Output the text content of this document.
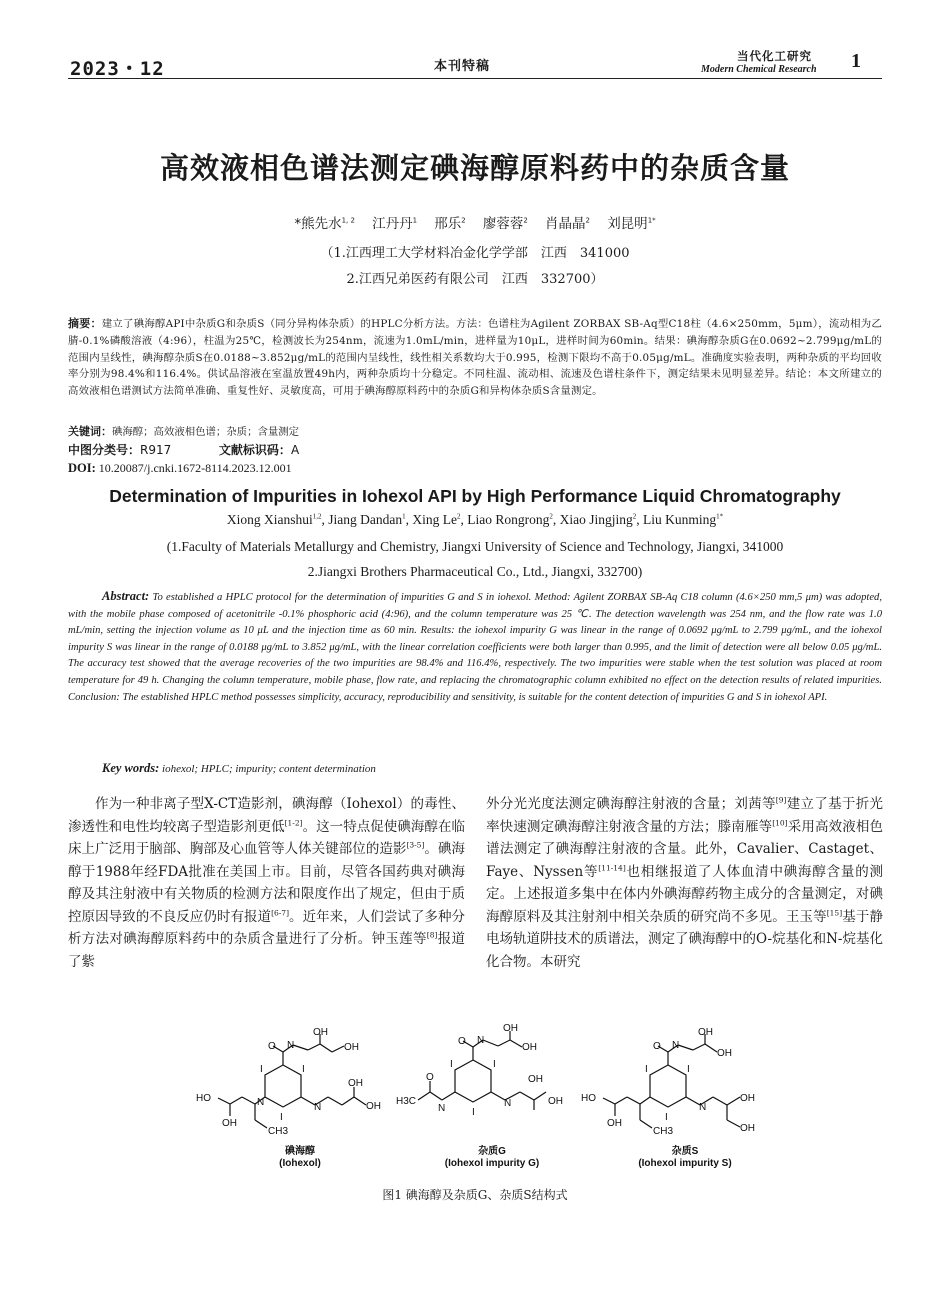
2023・12	本刊特稿
当代化工研究
Modern Chemical Research 1
高效液相色谱法测定碘海醇原料药中的杂质含量
*熊先水$^{1, 2}$ 江丹丹$^1$ 邢乐$^2$ 廖蓉蓉$^2$ 肖晶晶$^2$ 刘昆明$^{1*}$
（1.江西理工大学材料冶金化学学部　江西　341000
2.江西兄弟医药有限公司　江西　332700）
摘要：建立了碘海醇API中杂质G和杂质S（同分异构体杂质）的HPLC分析方法。方法：色谱柱为Agilent ZORBAX SB-Aq型C18柱（4.6×250mm，5μm），流动相为乙腈-0.1%磷酸溶液（4:96），柱温为25℃，检测波长为254nm，流速为1.0mL/min，进样量为10μL，进样时间为60min。结果：碘海醇杂质G在0.0692~2.799μg/mL的范围内呈线性，碘海醇杂质S在0.0188~3.852μg/mL的范围内呈线性，线性相关系数均大于0.995，检测下限均不高于0.05μg/mL。准确度实验表明，两种杂质的平均回收率分别为98.4%和116.4%。供试品溶液在室温放置49h内，两种杂质均十分稳定。不同柱温、流动相、流速及色谱柱条件下，测定结果未见明显差异。结论：本文所建立的高效液相色谱测试方法简单准确、重复性好、灵敏度高，可用于碘海醇原料药中的杂质G和异构体杂质S含量测定。
关键词：碘海醇；高效液相色谱；杂质；含量测定
中图分类号：R917	文献标识码：A
DOI: 10.20087/j.cnki.1672-8114.2023.12.001
Determination of Impurities in Iohexol API by High Performance Liquid Chromatography
Xiong Xianshui$^{1,2}$, Jiang Dandan$^1$, Xing Le$^2$, Liao Rongrong$^2$, Xiao Jingjing$^2$, Liu Kunming$^{1*}$
(1.Faculty of Materials Metallurgy and Chemistry, Jiangxi University of Science and Technology, Jiangxi, 341000
2.Jiangxi Brothers Pharmaceutical Co., Ltd., Jiangxi, 332700)
Abstract: To established a HPLC protocol for the determination of impurities G and S in iohexol. Method: Agilent ZORBAX SB-Aq C18 column (4.6×250 mm,5 μm) was adopted, with the mobile phase composed of acetonitrile -0.1% phosphoric acid (4:96), and the column temperature was 25 ℃. The detection wavelength was 254 nm, and the flow rate was 1.0 mL/min, setting the injection volume as 10 μL and the injection time as 60 min. Results: the iohexol impurity G was linear in the range of 0.0692 μg/mL to 2.799 μg/mL, and the iohexol impurity S was linear in the range of 0.0188 μg/mL to 3.852 μg/mL, with the linear correlation coefficients were both larger than 0.995, and the limit of detection were all below 0.05 μg/mL. The accuracy test showed that the average recoveries of the two impurities are 98.4% and 116.4%, respectively. The two impurities were stable when the test solution was placed at room temperature for 49 h. Changing the column temperature, mobile phase, flow rate, and replacing the chromatographic column exhibited no effect on the detection results of related impurities. Conclusion: The established HPLC method possesses simplicity, accuracy, reproducibility and sensitivity, is suitable for the content detection of impurities G and S in iohexol API.
Key words: iohexol; HPLC; impurity; content determination
作为一种非离子型X-CT造影剂，碘海醇（Iohexol）的毒性、渗透性和电性均较离子型造影剂更低[1-2]。这一特点促使碘海醇在临床上广泛用于脑部、胸部及心血管等人体关键部位的造影[3-5]。碘海醇于1988年经FDA批准在美国上市。目前，尽管各国药典对碘海醇及其注射液中有关物质的检测方法和限度作出了规定，但由于质控原因导致的不良反应仍时有报道[6-7]。近年来，人们尝试了多种分析方法对碘海醇原料药中的杂质含量进行了分析。钟玉莲等[8]报道了紫
外分光光度法测定碘海醇注射液的含量；刘茜等[9]建立了基于折光率快速测定碘海醇注射液含量的方法；滕南雁等[10]采用高效液相色谱法测定了碘海醇注射液的含量。此外，Cavalier、Castaget、Faye、Nyssen等[11-14]也相继报道了人体血清中碘海醇含量的测定。上述报道多集中在体内外碘海醇药物主成分的含量测定，对碘海醇原料及其注射剂中相关杂质的研究尚不多见。王玉等[15]基于静电场轨道阱技术的质谱法，测定了碘海醇中的O-烷基化和N-烷基化化合物。本研究
O N
OH
OH
I	I
N
OH
OH
N
I
HO
OH
CH3
O N
OH
OH
I	I
N
OH
OH
I
H3C
O
N
O N
OH
OH
I	I
N
OH
OH
I
HO
OH
CH3
碘海醇
(Iohexol)
杂质G
(Iohexol impurity G)
杂质S
(Iohexol impurity S)
图1 碘海醇及杂质G、杂质S结构式
